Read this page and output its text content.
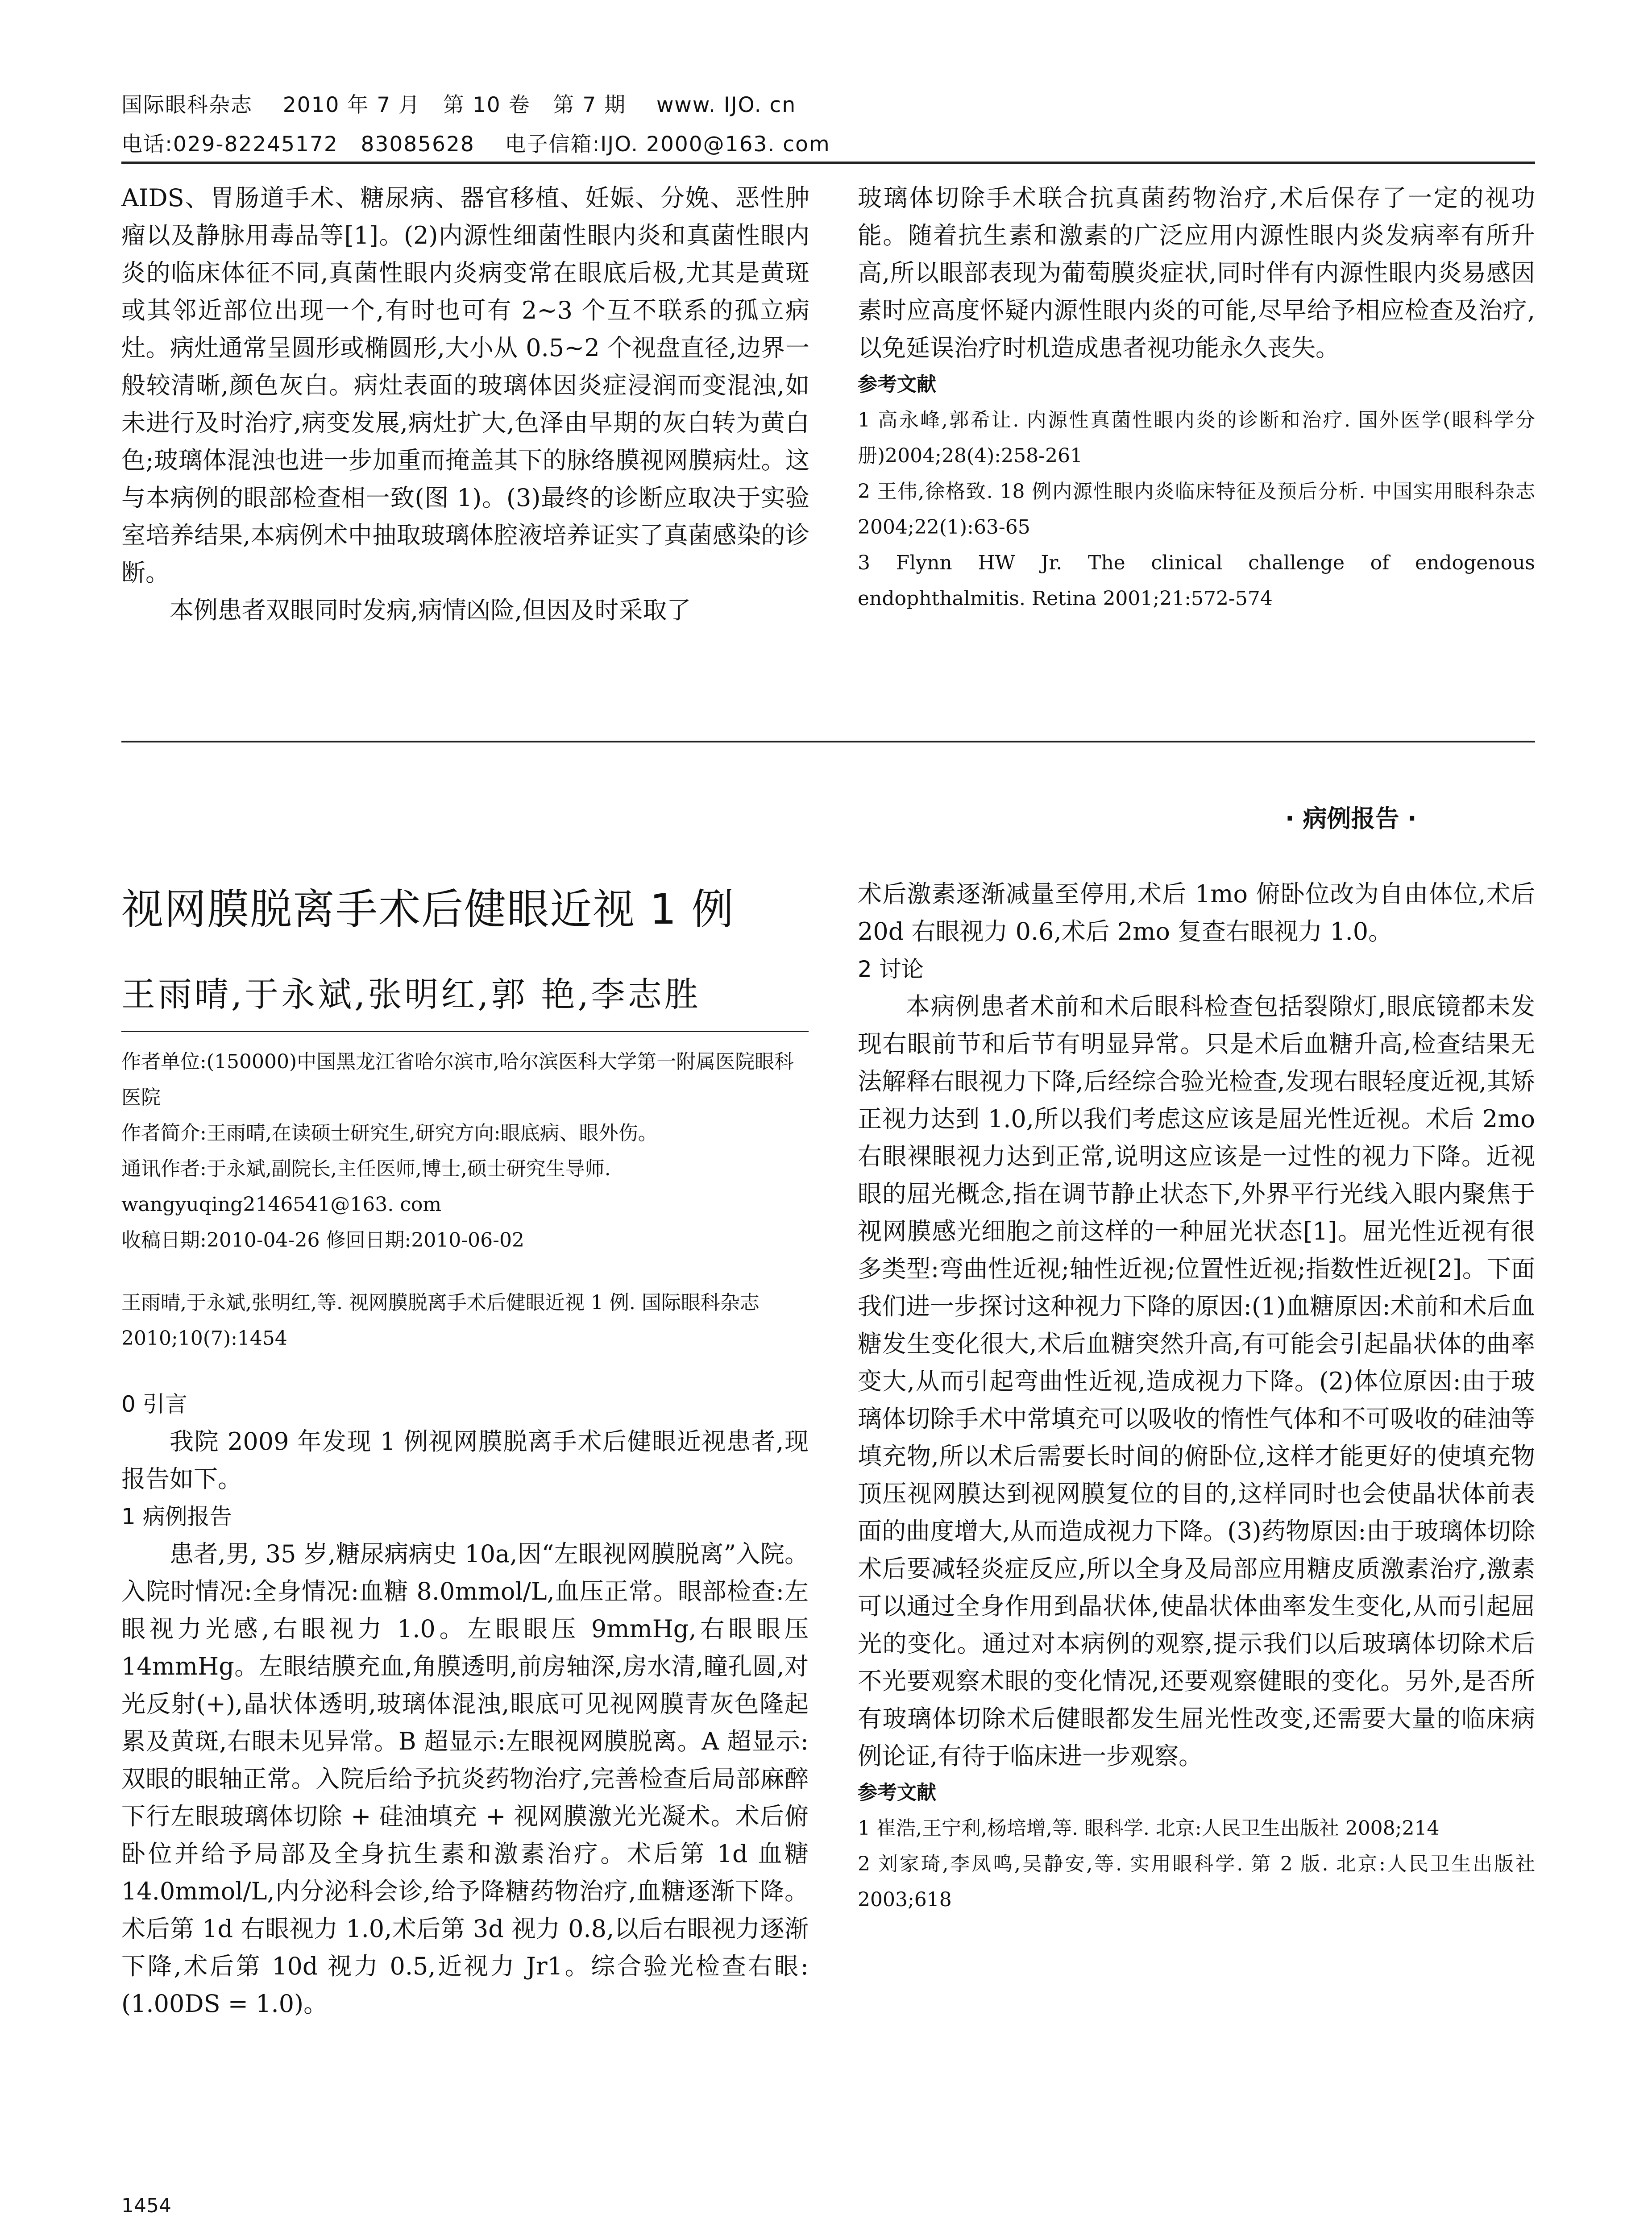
国际眼科杂志    2010 年 7 月   第 10 卷   第 7 期    www. IJO. cn
电话:029-82245172   83085628    电子信箱:IJO. 2000@163. com

AIDS、胃肠道手术、糖尿病、器官移植、妊娠、分娩、恶性肿瘤以及静脉用毒品等[1]。(2)内源性细菌性眼内炎和真菌性眼内炎的临床体征不同,真菌性眼内炎病变常在眼底后极,尤其是黄斑或其邻近部位出现一个,有时也可有 2~3 个互不联系的孤立病灶。病灶通常呈圆形或椭圆形,大小从 0.5~2 个视盘直径,边界一般较清晰,颜色灰白。病灶表面的玻璃体因炎症浸润而变混浊,如未进行及时治疗,病变发展,病灶扩大,色泽由早期的灰白转为黄白色;玻璃体混浊也进一步加重而掩盖其下的脉络膜视网膜病灶。这与本病例的眼部检查相一致(图 1)。(3)最终的诊断应取决于实验室培养结果,本病例术中抽取玻璃体腔液培养证实了真菌感染的诊断。

本例患者双眼同时发病,病情凶险,但因及时采取了

玻璃体切除手术联合抗真菌药物治疗,术后保存了一定的视功能。随着抗生素和激素的广泛应用内源性眼内炎发病率有所升高,所以眼部表现为葡萄膜炎症状,同时伴有内源性眼内炎易感因素时应高度怀疑内源性眼内炎的可能,尽早给予相应检查及治疗,以免延误治疗时机造成患者视功能永久丧失。

参考文献

1 高永峰,郭希让. 内源性真菌性眼内炎的诊断和治疗. 国外医学(眼科学分册)2004;28(4):258-261

2 王伟,徐格致. 18 例内源性眼内炎临床特征及预后分析. 中国实用眼科杂志 2004;22(1):63-65

3 Flynn HW Jr. The clinical challenge of endogenous endophthalmitis. Retina 2001;21:572-574

· 病例报告 ·
视网膜脱离手术后健眼近视 1 例
王雨晴,于永斌,张明红,郭 艳,李志胜

作者单位:(150000)中国黑龙江省哈尔滨市,哈尔滨医科大学第一附属医院眼科医院

作者简介:王雨晴,在读硕士研究生,研究方向:眼底病、眼外伤。

通讯作者:于永斌,副院长,主任医师,博士,硕士研究生导师. wangyuqing2146541@163. com

收稿日期:2010-04-26 修回日期:2010-06-02

王雨晴,于永斌,张明红,等. 视网膜脱离手术后健眼近视 1 例. 国际眼科杂志 2010;10(7):1454

0 引言

我院 2009 年发现 1 例视网膜脱离手术后健眼近视患者,现报告如下。

1 病例报告

患者,男, 35 岁,糖尿病病史 10a,因“左眼视网膜脱离”入院。入院时情况:全身情况:血糖 8.0mmol/L,血压正常。眼部检查:左眼视力光感,右眼视力 1.0。左眼眼压 9mmHg,右眼眼压 14mmHg。左眼结膜充血,角膜透明,前房轴深,房水清,瞳孔圆,对光反射(+),晶状体透明,玻璃体混浊,眼底可见视网膜青灰色隆起累及黄斑,右眼未见异常。B 超显示:左眼视网膜脱离。A 超显示:双眼的眼轴正常。入院后给予抗炎药物治疗,完善检查后局部麻醉下行左眼玻璃体切除 + 硅油填充 + 视网膜激光光凝术。术后俯卧位并给予局部及全身抗生素和激素治疗。术后第 1d 血糖 14.0mmol/L,内分泌科会诊,给予降糖药物治疗,血糖逐渐下降。术后第 1d 右眼视力 1.0,术后第 3d 视力 0.8,以后右眼视力逐渐下降,术后第 10d 视力 0.5,近视力 Jr1。综合验光检查右眼:(1.00DS = 1.0)。

术后激素逐渐减量至停用,术后 1mo 俯卧位改为自由体位,术后 20d 右眼视力 0.6,术后 2mo 复查右眼视力 1.0。

2 讨论

本病例患者术前和术后眼科检查包括裂隙灯,眼底镜都未发现右眼前节和后节有明显异常。只是术后血糖升高,检查结果无法解释右眼视力下降,后经综合验光检查,发现右眼轻度近视,其矫正视力达到 1.0,所以我们考虑这应该是屈光性近视。术后 2mo 右眼裸眼视力达到正常,说明这应该是一过性的视力下降。近视眼的屈光概念,指在调节静止状态下,外界平行光线入眼内聚焦于视网膜感光细胞之前这样的一种屈光状态[1]。屈光性近视有很多类型:弯曲性近视;轴性近视;位置性近视;指数性近视[2]。下面我们进一步探讨这种视力下降的原因:(1)血糖原因:术前和术后血糖发生变化很大,术后血糖突然升高,有可能会引起晶状体的曲率变大,从而引起弯曲性近视,造成视力下降。(2)体位原因:由于玻璃体切除手术中常填充可以吸收的惰性气体和不可吸收的硅油等填充物,所以术后需要长时间的俯卧位,这样才能更好的使填充物顶压视网膜达到视网膜复位的目的,这样同时也会使晶状体前表面的曲度增大,从而造成视力下降。(3)药物原因:由于玻璃体切除术后要减轻炎症反应,所以全身及局部应用糖皮质激素治疗,激素可以通过全身作用到晶状体,使晶状体曲率发生变化,从而引起屈光的变化。通过对本病例的观察,提示我们以后玻璃体切除术后不光要观察术眼的变化情况,还要观察健眼的变化。另外,是否所有玻璃体切除术后健眼都发生屈光性改变,还需要大量的临床病例论证,有待于临床进一步观察。

参考文献

1 崔浩,王宁利,杨培增,等. 眼科学. 北京:人民卫生出版社 2008;214

2 刘家琦,李凤鸣,吴静安,等. 实用眼科学. 第 2 版. 北京:人民卫生出版社 2003;618

1454
